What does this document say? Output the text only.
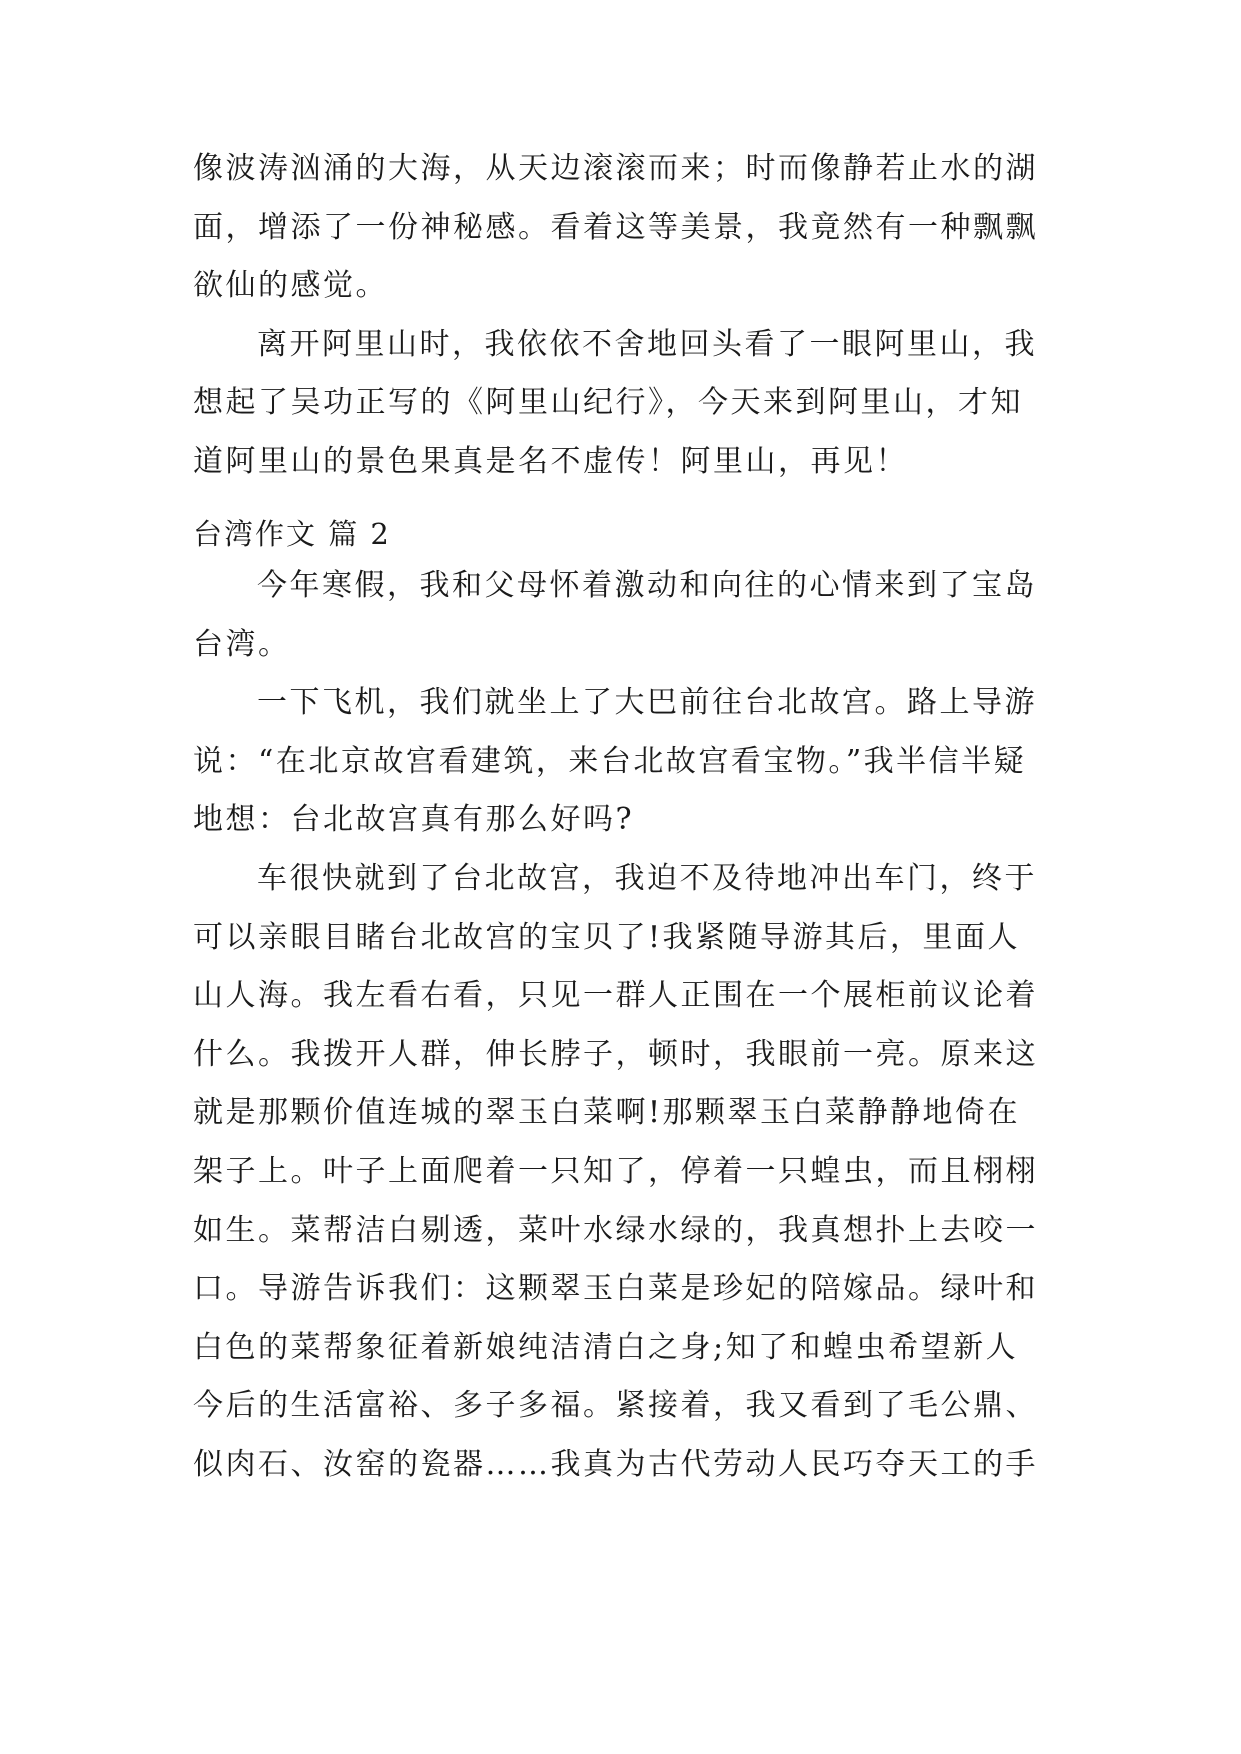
像波涛汹涌的大海，从天边滚滚而来；时而像静若止水的湖
面，增添了一份神秘感。看着这等美景，我竟然有一种飘飘
欲仙的感觉。
离开阿里山时，我依依不舍地回头看了一眼阿里山，我
想起了吴功正写的《阿里山纪行》，今天来到阿里山，才知
道阿里山的景色果真是名不虚传！阿里山，再见！
台湾作文 篇 2
今年寒假，我和父母怀着激动和向往的心情来到了宝岛
台湾。
一下飞机，我们就坐上了大巴前往台北故宫。路上导游
说：“在北京故宫看建筑，来台北故宫看宝物。”我半信半疑
地想：台北故宫真有那么好吗?
车很快就到了台北故宫，我迫不及待地冲出车门，终于
可以亲眼目睹台北故宫的宝贝了!我紧随导游其后，里面人
山人海。我左看右看，只见一群人正围在一个展柜前议论着
什么。我拨开人群，伸长脖子，顿时，我眼前一亮。原来这
就是那颗价值连城的翠玉白菜啊!那颗翠玉白菜静静地倚在
架子上。叶子上面爬着一只知了，停着一只蝗虫，而且栩栩
如生。菜帮洁白剔透，菜叶水绿水绿的，我真想扑上去咬一
口。导游告诉我们：这颗翠玉白菜是珍妃的陪嫁品。绿叶和
白色的菜帮象征着新娘纯洁清白之身;知了和蝗虫希望新人
今后的生活富裕、多子多福。紧接着，我又看到了毛公鼎、
似肉石、汝窑的瓷器……我真为古代劳动人民巧夺天工的手
